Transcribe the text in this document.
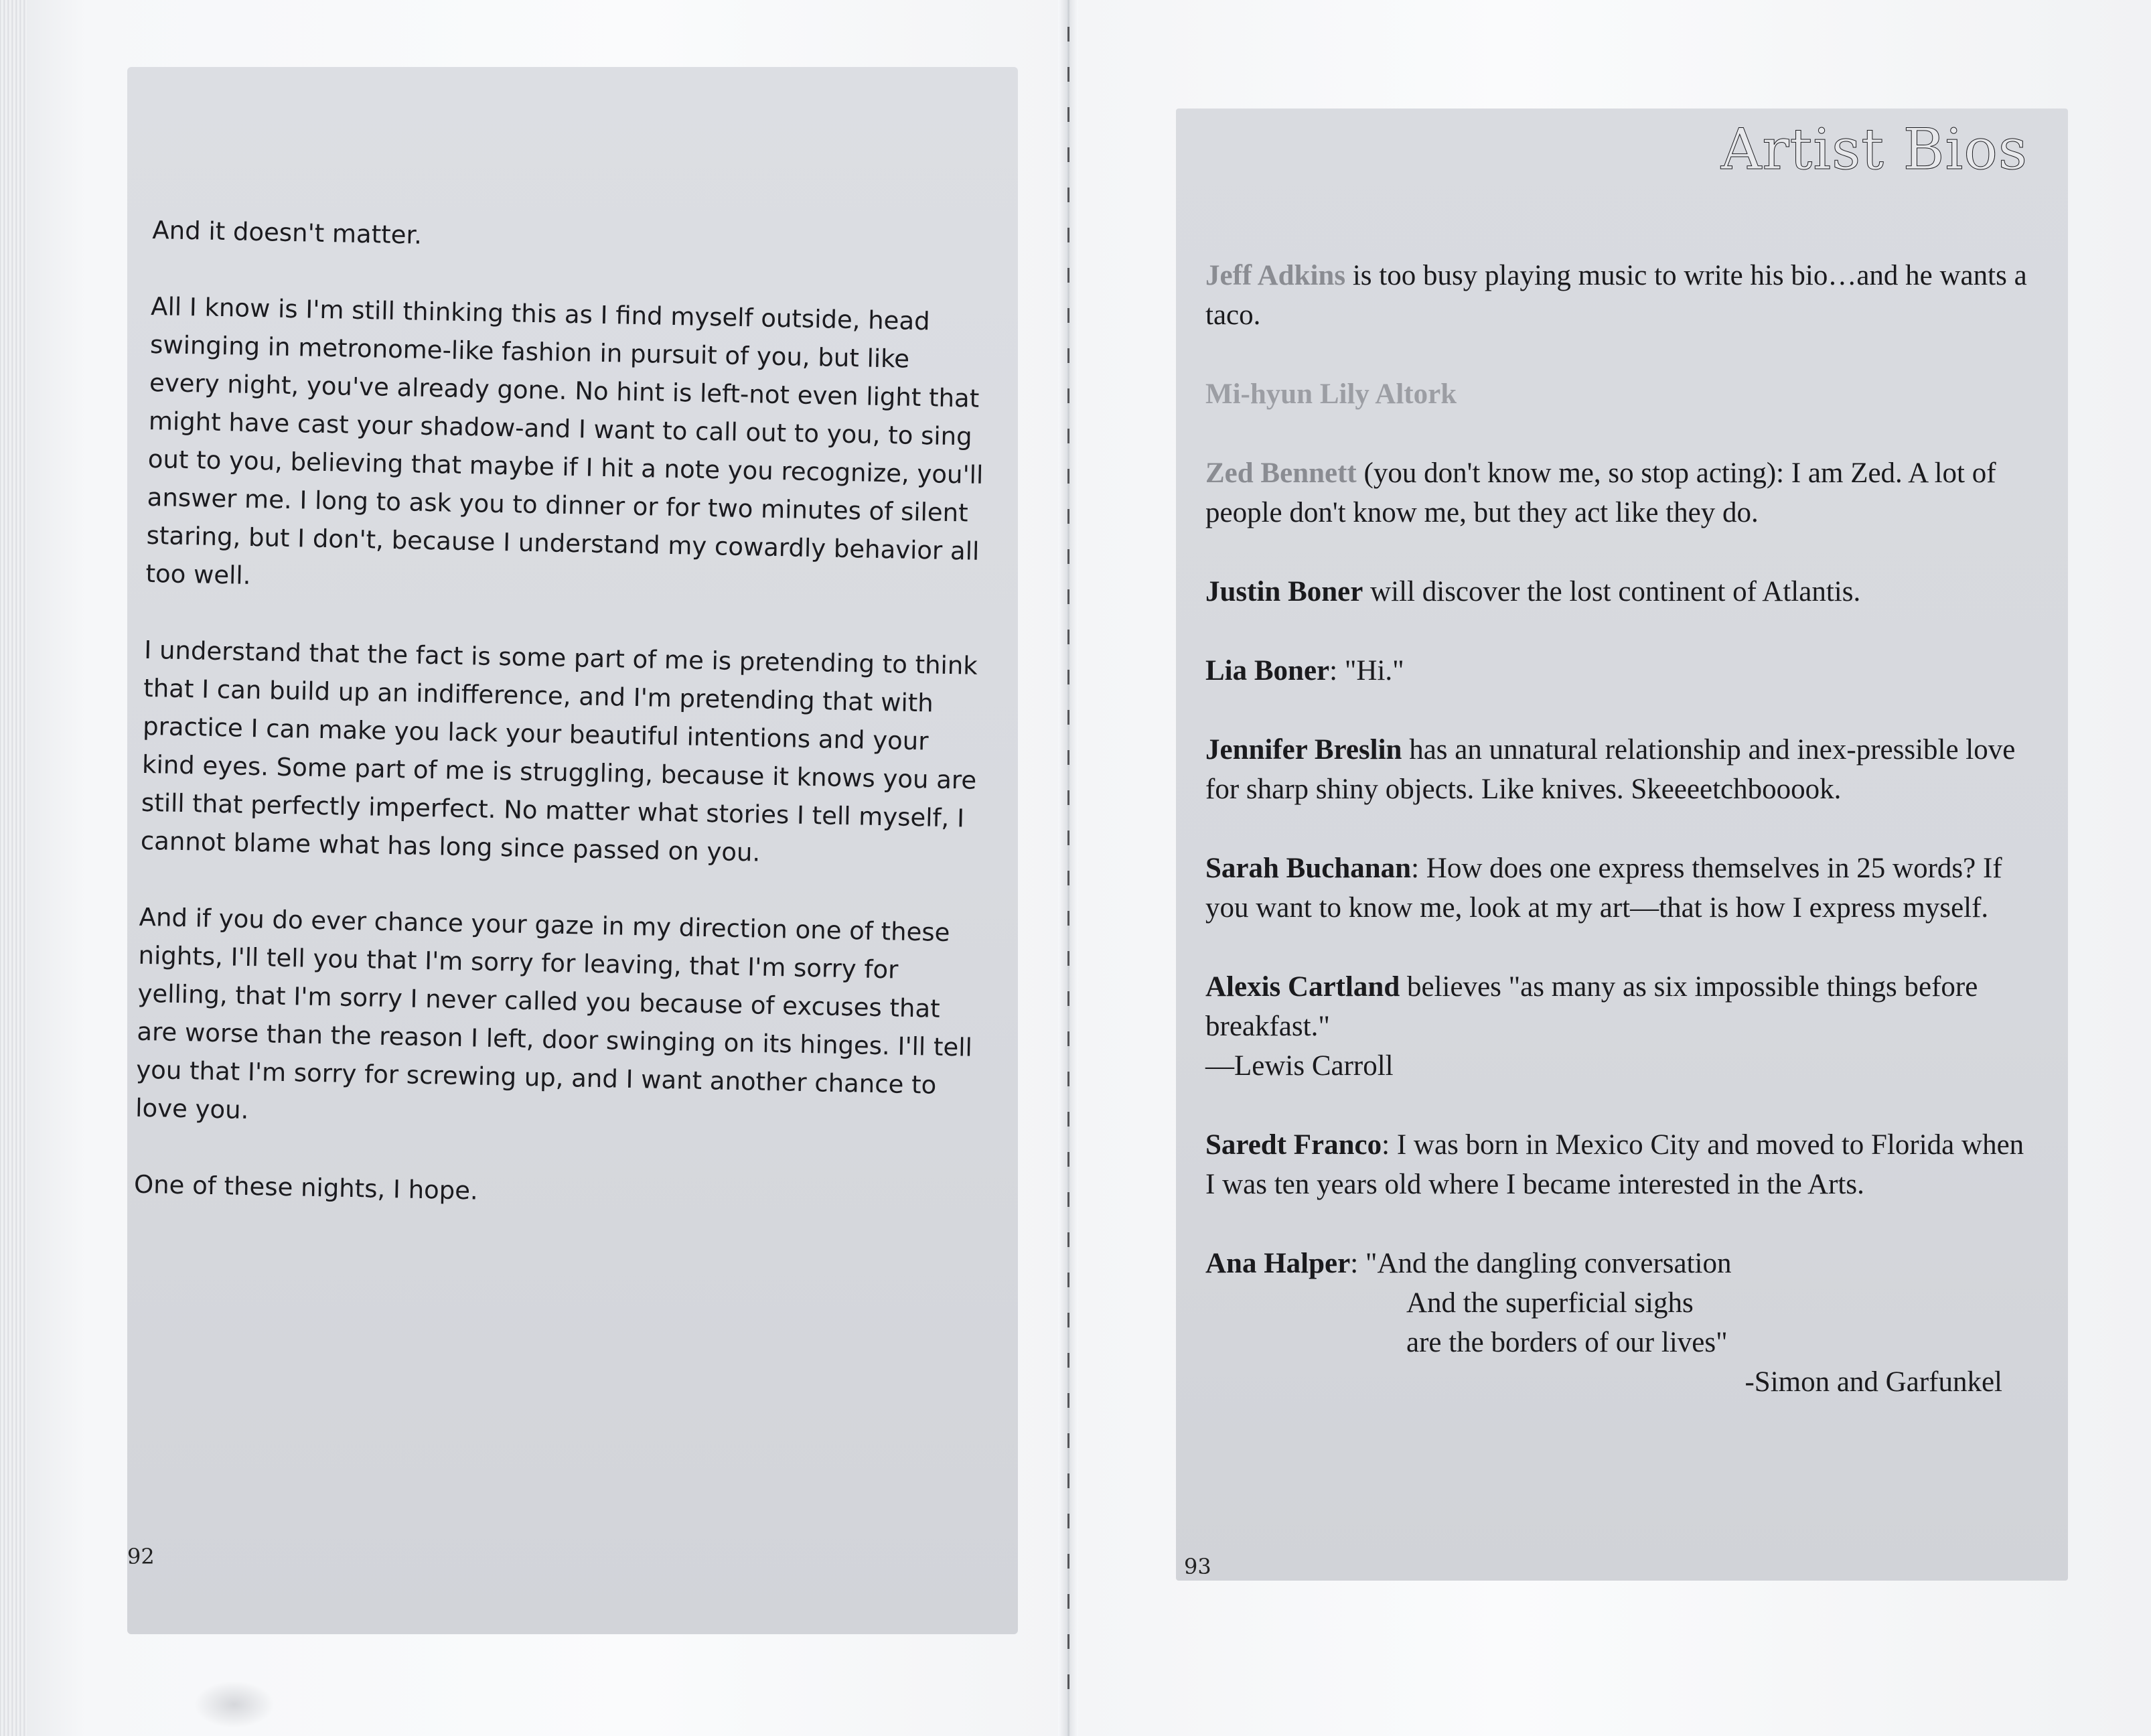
And it doesn't matter.

All I know is I'm still thinking this as I find myself outside, head swinging in metronome-like fashion in pursuit of you, but like every night, you've already gone. No hint is left-not even light that might have cast your shadow-and I want to call out to you, to sing out to you, believing that maybe if I hit a note you recognize, you'll answer me. I long to ask you to dinner or for two minutes of silent staring, but I don't, because I understand my cowardly behavior all too well.

I understand that the fact is some part of me is pretending to think that I can build up an indifference, and I'm pretending that with practice I can make you lack your beautiful intentions and your kind eyes. Some part of me is struggling, because it knows you are still that perfectly imperfect. No matter what stories I tell myself, I cannot blame what has long since passed on you.

And if you do ever chance your gaze in my direction one of these nights, I'll tell you that I'm sorry for leaving, that I'm sorry for yelling, that I'm sorry I never called you because of excuses that are worse than the reason I left, door swinging on its hinges. I'll tell you that I'm sorry for screwing up, and I want another chance to love you.

One of these nights, I hope.

92
Artist Bios
Jeff Adkins is too busy playing music to write his bio…and he wants a taco.
Mi-hyun Lily Altork
Zed Bennett (you don't know me, so stop acting): I am Zed. A lot of people don't know me, but they act like they do.
Justin Boner will discover the lost continent of Atlantis.
Lia Boner: "Hi."
Jennifer Breslin has an unnatural relationship and inex-pressible love for sharp shiny objects. Like knives. Skeeeetchbooook.
Sarah Buchanan: How does one express themselves in 25 words? If you want to know me, look at my art—that is how I express myself.
Alexis Cartland believes "as many as six impossible things before breakfast."
—Lewis Carroll
Saredt Franco: I was born in Mexico City and moved to Florida when I was ten years old where I became interested in the Arts.
Ana Halper: "And the dangling conversation
And the superficial sighs
are the borders of our lives"
-Simon and Garfunkel
93
